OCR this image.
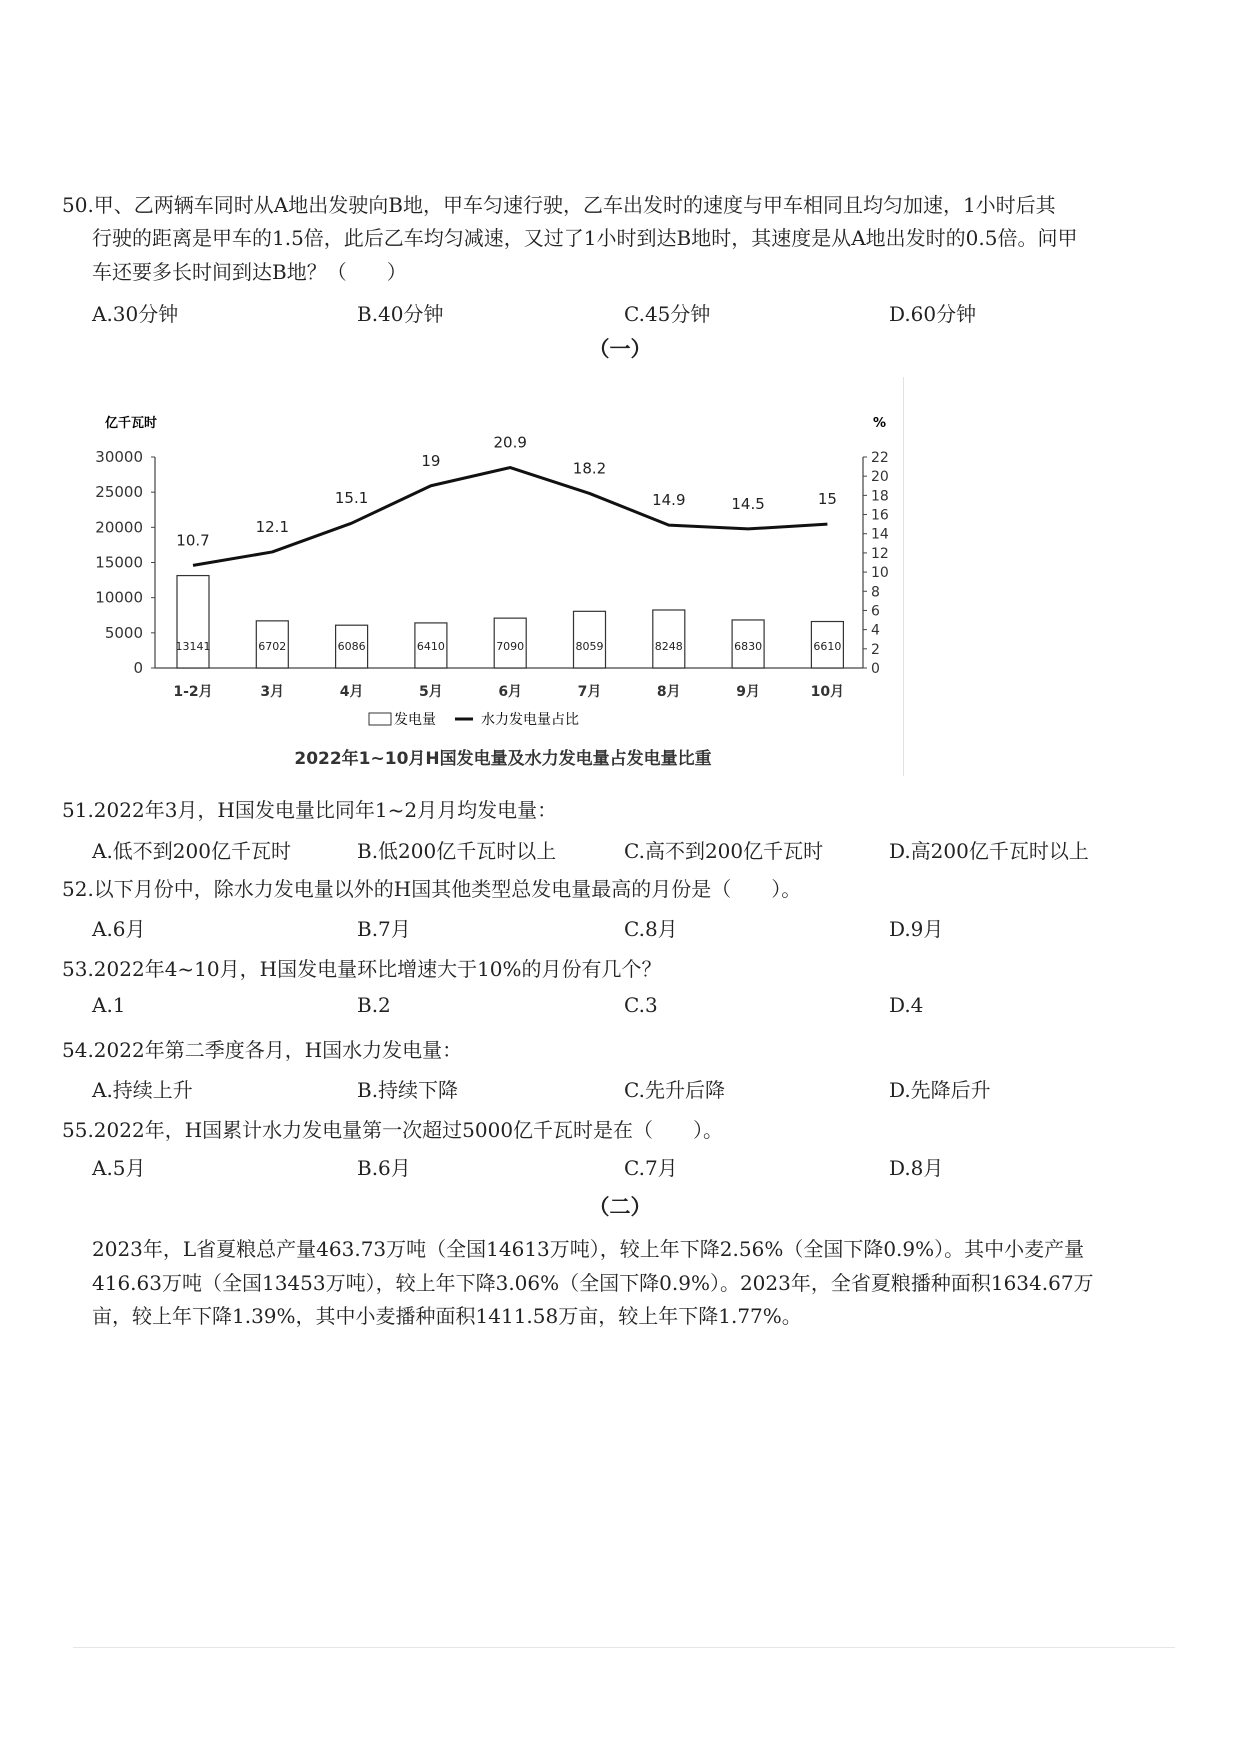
50.甲、乙两辆车同时从A地出发驶向B地，甲车匀速行驶，乙车出发时的速度与甲车相同且均匀加速，1小时后其
行驶的距离是甲车的1.5倍，此后乙车均匀减速，又过了1小时到达B地时，其速度是从A地出发时的0.5倍。问甲
车还要多长时间到达B地？（　　）
A.30分钟	B.40分钟	C.45分钟	D.60分钟
（一）
亿千瓦时	%
0
5000
10000
15000
20000
25000
30000
0
2
4
6
8
10
12
14
16
18
20
22
13141	6702	6086	6410	7090	8059	8248	6830	6610
10.7
12.1
15.1
19
20.9
18.2
14.9	14.5	15
1-2月	3月	4月	5月	6月	7月	8月	9月	10月
发电量	水力发电量占比
2022年1~10月H国发电量及水力发电量占发电量比重
51.2022年3月，H国发电量比同年1~2月月均发电量：
A.低不到200亿千瓦时	B.低200亿千瓦时以上	C.高不到200亿千瓦时	D.高200亿千瓦时以上
52.以下月份中，除水力发电量以外的H国其他类型总发电量最高的月份是（　　）。
A.6月	B.7月	C.8月	D.9月
53.2022年4~10月，H国发电量环比增速大于10%的月份有几个？
A.1	B.2	C.3	D.4
54.2022年第二季度各月，H国水力发电量：
A.持续上升	B.持续下降	C.先升后降	D.先降后升
55.2022年，H国累计水力发电量第一次超过5000亿千瓦时是在（　　）。
A.5月	B.6月	C.7月	D.8月
（二）
2023年，L省夏粮总产量463.73万吨（全国14613万吨），较上年下降2.56%（全国下降0.9%）。其中小麦产量
416.63万吨（全国13453万吨），较上年下降3.06%（全国下降0.9%）。2023年，全省夏粮播种面积1634.67万
亩，较上年下降1.39%，其中小麦播种面积1411.58万亩，较上年下降1.77%。
